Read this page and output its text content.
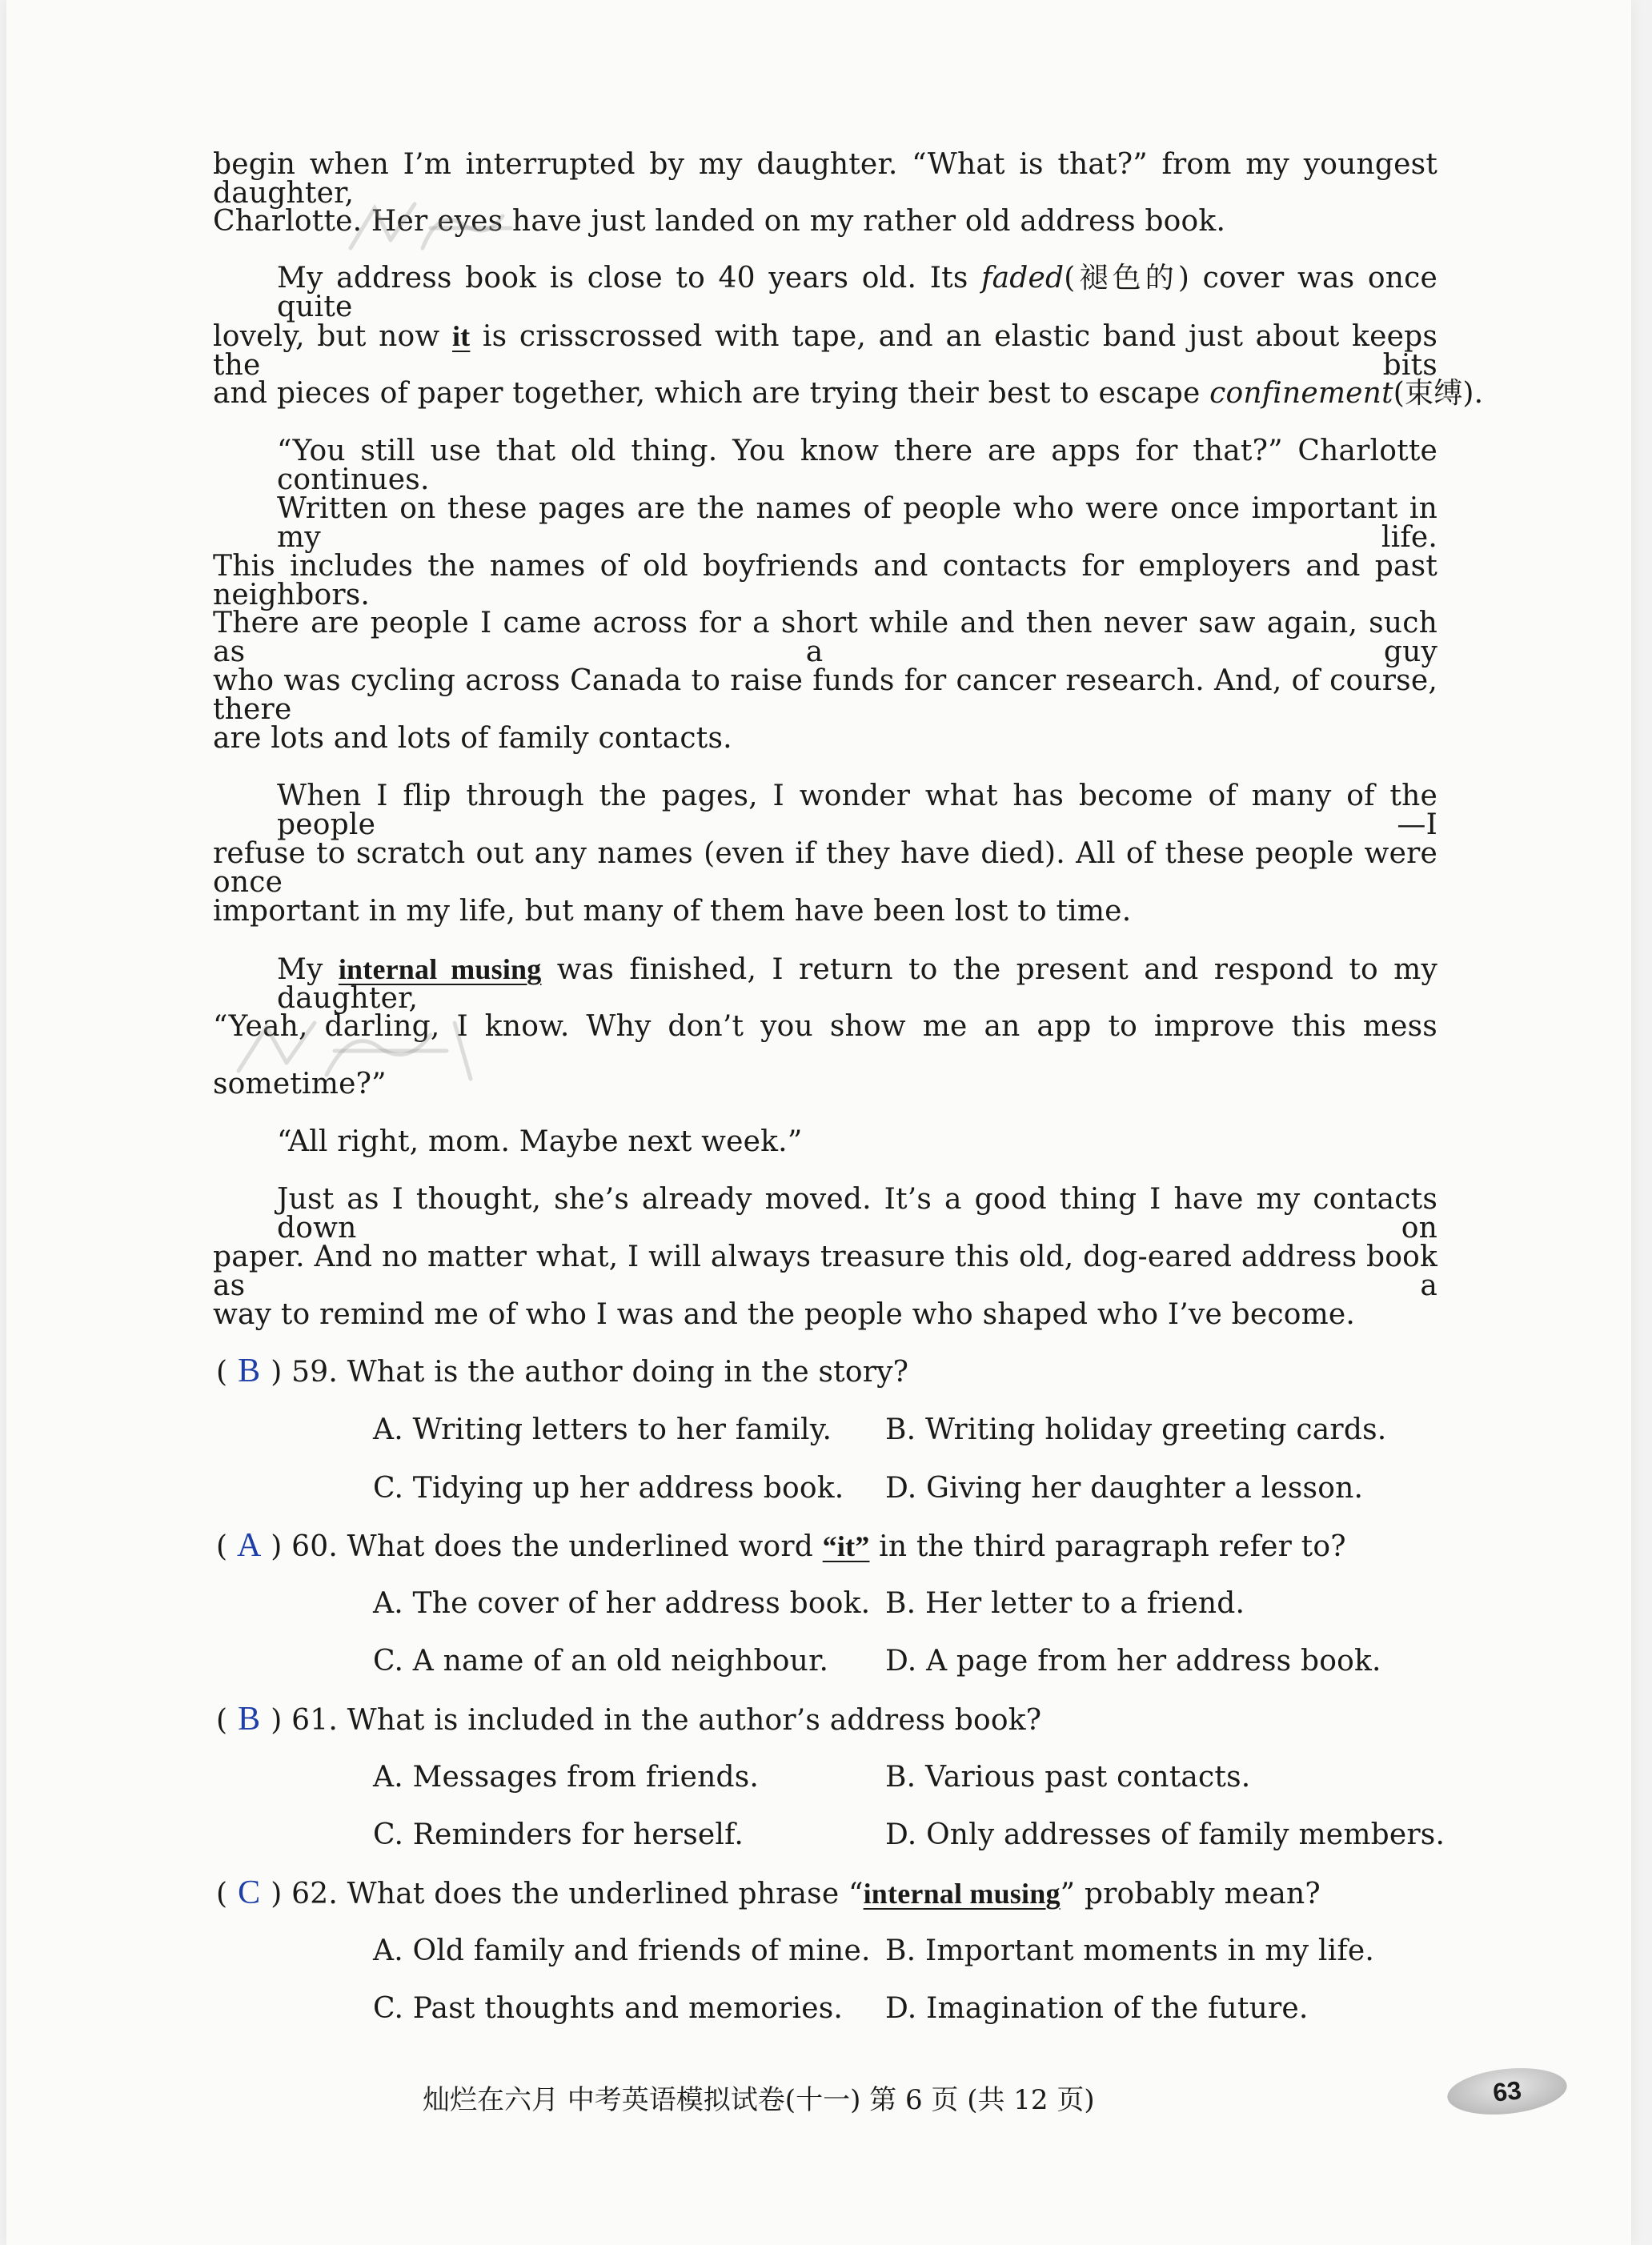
begin when I’m interrupted by my daughter. “What is that?” from my youngest daughter,
Charlotte. Her eyes have just landed on my rather old address book.
My address book is close to 40 years old. Its faded(褪色的) cover was once quite
lovely, but now it is crisscrossed with tape, and an elastic band just about keeps the bits
and pieces of paper together, which are trying their best to escape confinement(束缚).
“You still use that old thing. You know there are apps for that?” Charlotte continues.
Written on these pages are the names of people who were once important in my life.
This includes the names of old boyfriends and contacts for employers and past neighbors.
There are people I came across for a short while and then never saw again, such as a guy
who was cycling across Canada to raise funds for cancer research. And, of course, there
are lots and lots of family contacts.
When I flip through the pages, I wonder what has become of many of the people —I
refuse to scratch out any names (even if they have died). All of these people were once
important in my life, but many of them have been lost to time.
My internal musing was finished, I return to the present and respond to my daughter,
“Yeah, darling, I know. Why don’t you show me an app to improve this mess
sometime?”
“All right, mom. Maybe next week.”
Just as I thought, she’s already moved. It’s a good thing I have my contacts down on
paper. And no matter what, I will always treasure this old, dog-eared address book as a
way to remind me of who I was and the people who shaped who I’ve become.
( B ) 59. What is the author doing in the story?
A. Writing letters to her family. B. Writing holiday greeting cards.
C. Tidying up her address book. D. Giving her daughter a lesson.
( A ) 60. What does the underlined word “it” in the third paragraph refer to?
A. The cover of her address book. B. Her letter to a friend.
C. A name of an old neighbour. D. A page from her address book.
( B ) 61. What is included in the author’s address book?
A. Messages from friends.	B. Various past contacts.
C. Reminders for herself.	D. Only addresses of family members.
( C ) 62. What does the underlined phrase “internal musing” probably mean?
A. Old family and friends of mine. B. Important moments in my life.
C. Past thoughts and memories. D. Imagination of the future.
灿烂在六月 中考英语模拟试卷(十一) 第 6 页 (共 12 页)	63
